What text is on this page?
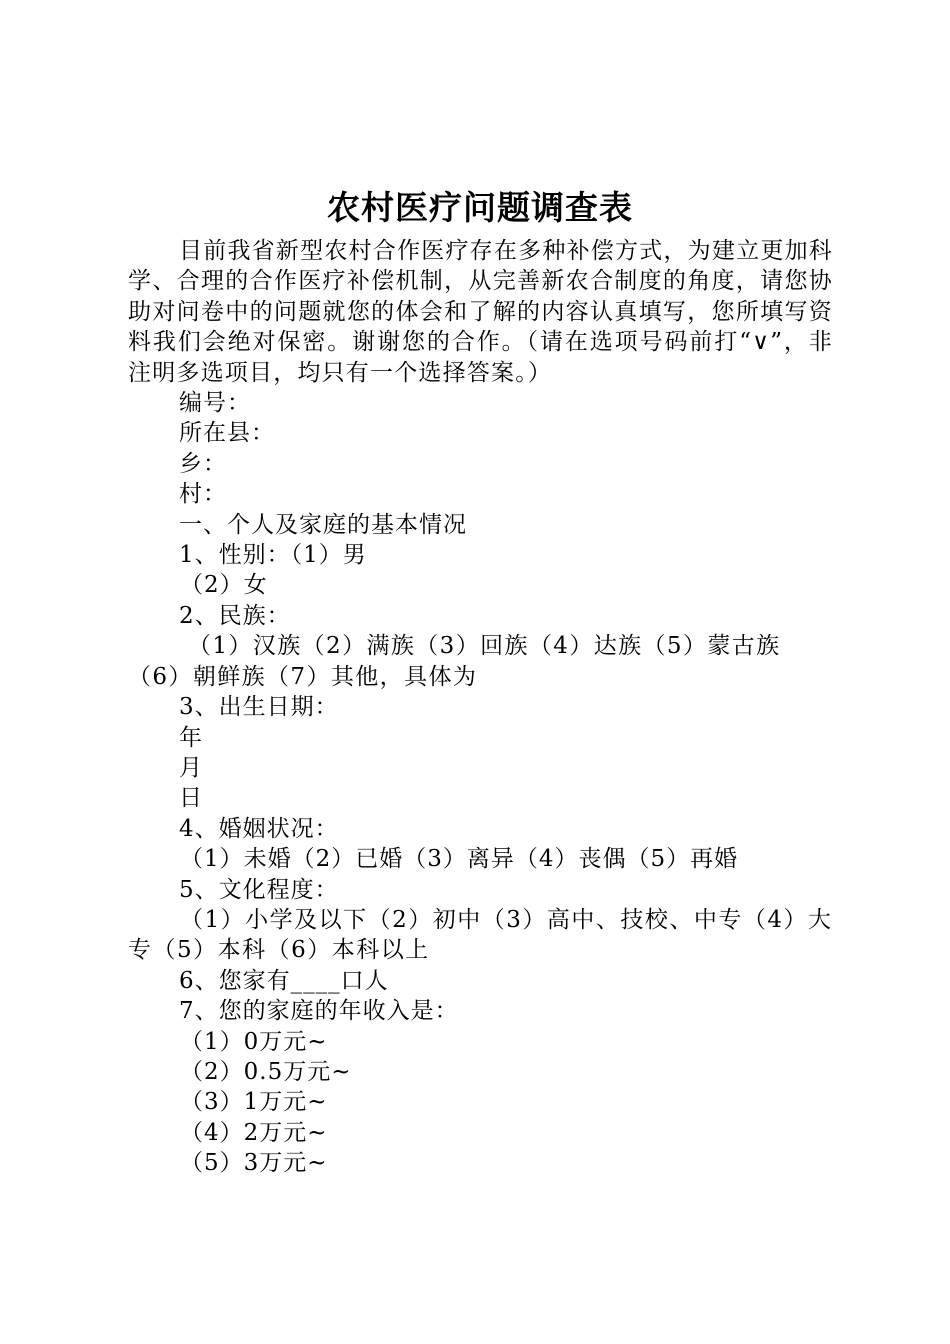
农村医疗问题调查表

目前我省新型农村合作医疗存在多种补偿方式，为建立更加科学、合理的合作医疗补偿机制，从完善新农合制度的角度，请您协助对问卷中的问题就您的体会和了解的内容认真填写，您所填写资料我们会绝对保密。谢谢您的合作。（请在选项号码前打“∨”，非注明多选项目，均只有一个选择答案。）

编号：

所在县：

乡：

村：

一、个人及家庭的基本情况

1、性别：（1）男

（2）女

2、民族：

（1）汉族（2）满族（3）回族（4）达族（5）蒙古族（6）朝鲜族（7）其他，具体为

3、出生日期：

年

月

日

4、婚姻状况：

（1）未婚（2）已婚（3）离异（4）丧偶（5）再婚

5、文化程度：

（1）小学及以下（2）初中（3）高中、技校、中专（4）大专（5）本科（6）本科以上

6、您家有____口人

7、您的家庭的年收入是：

（1）0万元~

（2）0.5万元~

（3）1万元~

（4）2万元~

（5）3万元~
